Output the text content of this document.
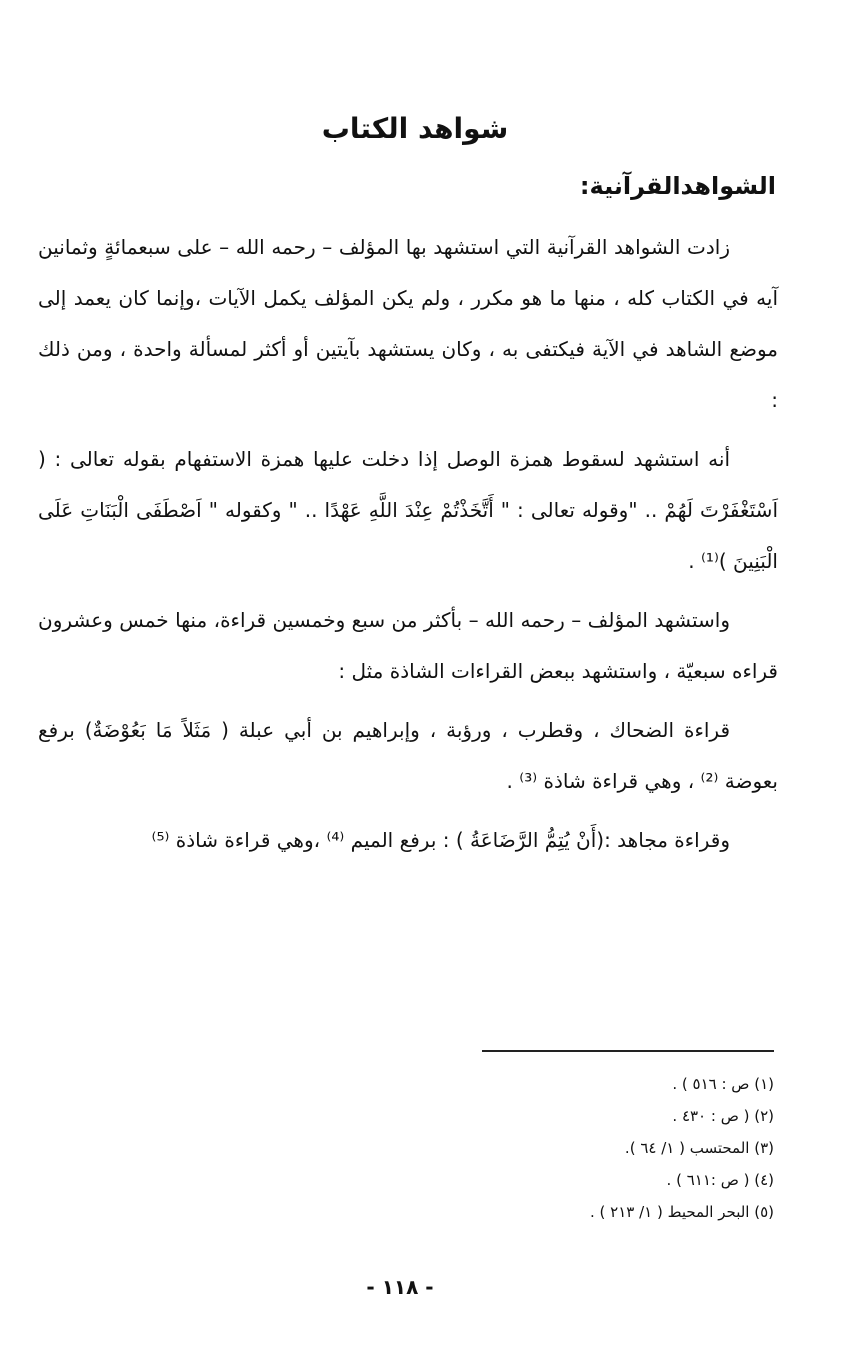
شواهد الكتاب
الشواهدالقرآنية:

زادت الشواهد القرآنية التي استشهد بها المؤلف – رحمه الله – على سبعمائةٍ وثمانين آيه في الكتاب كله ، منها ما هو مكرر ، ولم يكن المؤلف يكمل الآيات ،وإنما كان يعمد إلى موضع الشاهد في الآية فيكتفى به ، وكان يستشهد بآيتين أو أكثر لمسألة واحدة ، ومن ذلك :

أنه استشهد لسقوط همزة الوصل إذا دخلت عليها همزة الاستفهام بقوله تعالى : ( اَسْتَغْفَرْتَ لَهُمْ .. "وقوله تعالى : " أَتَّخَذْتُمْ عِنْدَ اللَّهِ عَهْدًا .. " وكقوله " اَصْطَفَى الْبَنَاتِ عَلَى الْبَنِينَ )⁽¹⁾ .

واستشهد المؤلف – رحمه الله – بأكثر من سبع وخمسين قراءة، منها خمس وعشرون قراءه سبعيّة ، واستشهد ببعض القراءات الشاذة مثل :

قراءة الضحاك ، وقطرب ، ورؤبة ، وإبراهيم بن أبي عبلة ( مَثَلاً مَا بَعُوْضَةٌ) برفع بعوضة ⁽²⁾ ، وهي قراءة شاذة ⁽³⁾ .

وقراءة مجاهد :(أَنْ يُتِمُّ الرَّضَاعَةُ ) : برفع الميم ⁽⁴⁾ ،وهي قراءة شاذة ⁽⁵⁾

(١) ص : ٥١٦ ) .
(٢) ( ص : ٤٣٠ .
(٣) المحتسب ( ١/ ٦٤ ).
(٤) ( ص :٦١١ ) .
(٥) البحر المحيط ( ١/ ٢١٣ ) .
- ١١٨ -
